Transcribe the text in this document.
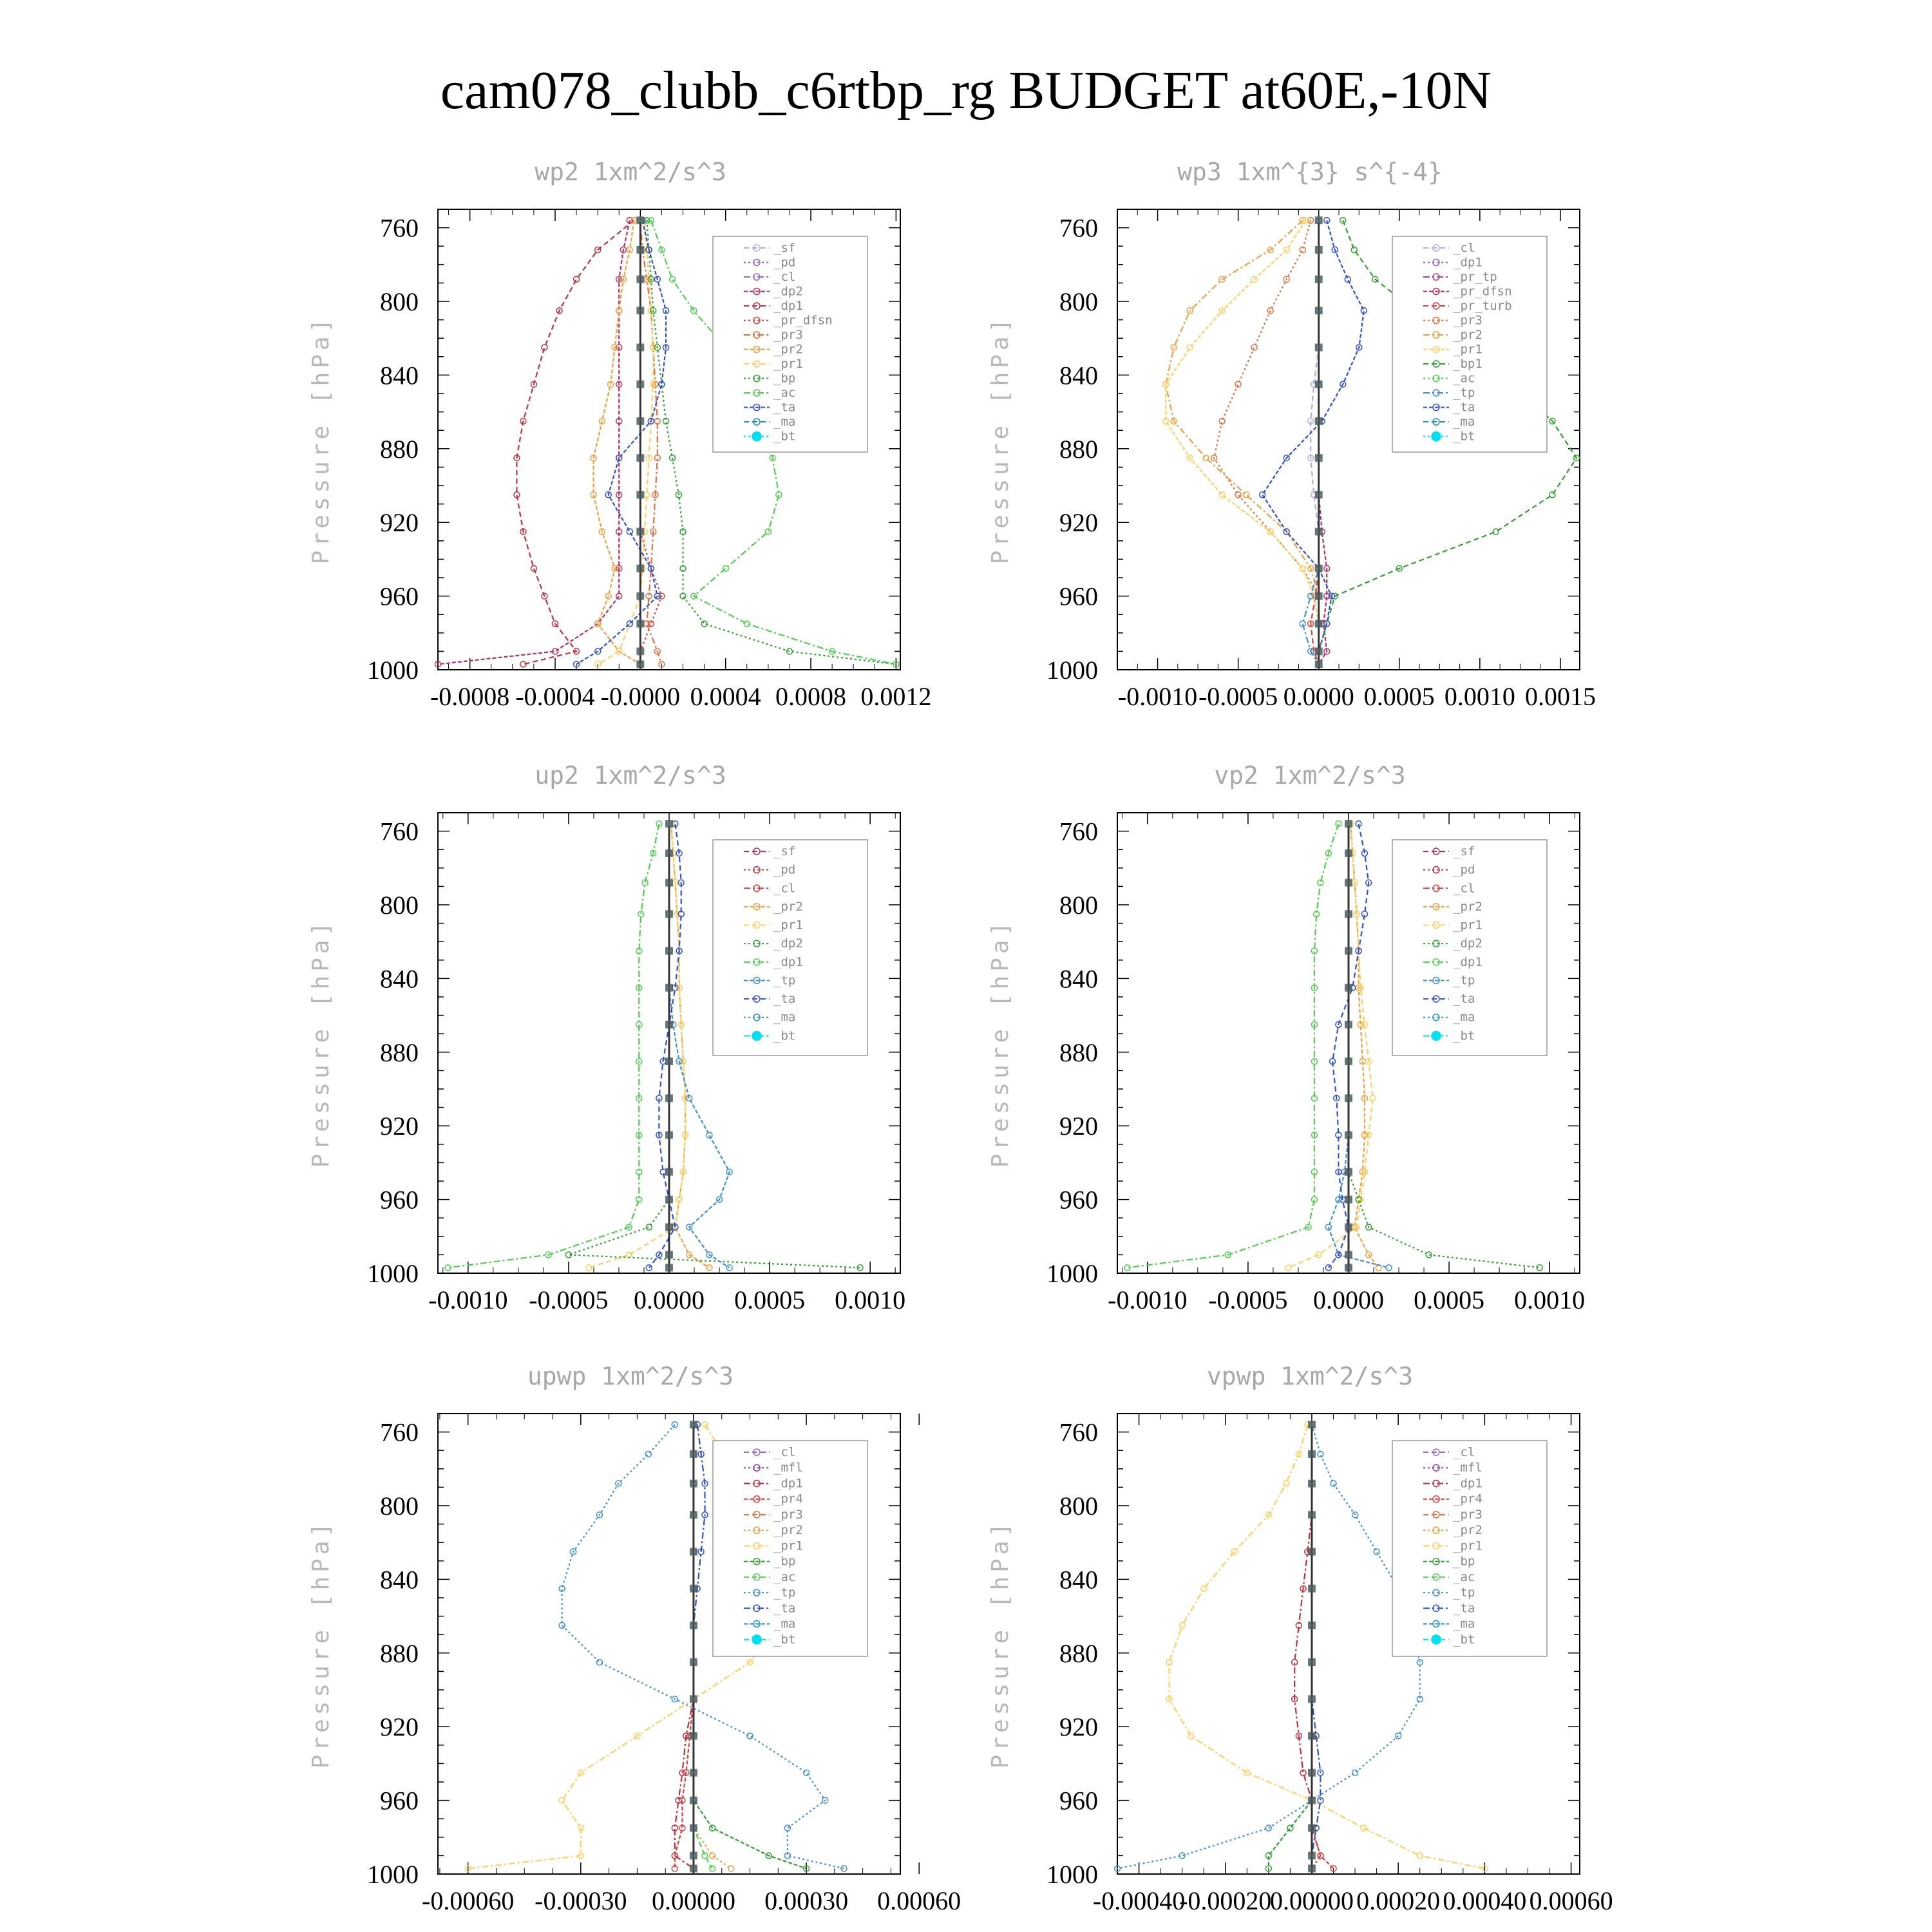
cam078_clubb_c6rtbp_rg BUDGET at60E,-10N
wp2 1xm^2/s^3
Pressure [hPa]
760
800
840
880
920
960
1000
-0.0008 -0.0004 -0.0000 0.0004 0.0008 0.0012
_sf
_pd
_cl
_dp2
_dp1
_pr_dfsn
_pr3
_pr2
_pr1
_bp
_ac
_ta
_ma
_bt
wp3 1xm^{3} s^{-4}
Pressure [hPa]
760
800
840
880
920
960
1000
-0.0010 -0.0005 0.0000 0.0005 0.0010 0.0015
_cl
_dp1
_pr_tp
_pr_dfsn
_pr_turb
_pr3
_pr2
_pr1
_bp1
_ac
_tp
_ta
_ma
_bt
up2 1xm^2/s^3
Pressure [hPa]
760
800
840
880
920
960
1000
-0.0010 -0.0005 0.0000 0.0005 0.0010
_sf
_pd
_cl
_pr2
_pr1
_dp2
_dp1
_tp
_ta
_ma
_bt
vp2 1xm^2/s^3
Pressure [hPa]
760
800
840
880
920
960
1000
-0.0010 -0.0005 0.0000 0.0005 0.0010
_sf
_pd
_cl
_pr2
_pr1
_dp2
_dp1
_tp
_ta
_ma
_bt
upwp 1xm^2/s^3
Pressure [hPa]
760
800
840
880
920
960
1000
-0.00060 -0.00030 0.00000 0.00030 0.00060
_cl
_mfl
_dp1
_pr4
_pr3
_pr2
_pr1
_bp
_ac
_tp
_ta
_ma
_bt
vpwp 1xm^2/s^3
Pressure [hPa]
760
800
840
880
920
960
1000
-0.00040
-0.00020
0.00000 0.00020 0.00040 0.00060
_cl
_mfl
_dp1
_pr4
_pr3
_pr2
_pr1
_bp
_ac
_tp
_ta
_ma
_bt
